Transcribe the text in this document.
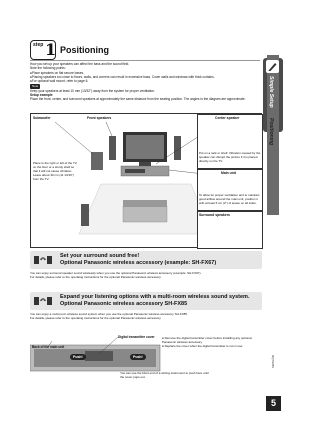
Simple Setup
Positioning
step 1 Positioning
How you set up your speakers can affect the bass and the sound field.
Note the following points:
●Place speakers on flat secure bases.
●Placing speakers too close to floors, walls, and corners can result in excessive bass. Cover walls and windows with thick curtains.
●For optional wall mount, refer to page 6.
Note
Keep your speakers at least 10 mm (13/32") away from the system for proper ventilation.
Setup example
Place the front, center, and surround speakers at approximately the same distance from the seating position. The angles in the diagram are approximate.
Subwoofer
Place to the right or left of the TV, on the floor or a sturdy shelf so that it will not cause vibration. Leave about 30 cm (11 13/16") from the TV.
Front speakers	Center speaker
Put on a rack or shelf. Vibration caused by the speaker can disrupt the picture if it is placed directly on the TV.
Main unit
To allow for proper ventilation and to maintain good airflow around the main unit, position it with at least 5 cm (2") of space on all sides.
Surround speakers
Set your surround sound free!
Optional Panasonic wireless accessory (example: SH-FX67)
You can enjoy surround speaker sound wirelessly when you use the optional Panasonic wireless accessory (example: SH-FX67).
For details, please refer to the operating instructions for the optional Panasonic wireless accessory.
Expand your listening options with a multi-room wireless sound system.
Optional Panasonic wireless accessory SH-FX85
You can enjoy a multi-room wireless sound system when you use the optional Panasonic wireless accessory SH-FX85.
For details, please refer to the operating instructions for the optional Panasonic wireless accessory.
Back of the main unit
Digital transmitter cover
Push!	Push!
● Remove the digital transmitter cover before installing any optional Panasonic wireless accessory.
● Replace the cover when the digital transmitter is not in use.
You can use the blunt end of a writing instrument to push here until the cover pops out.
RQT9386
5
